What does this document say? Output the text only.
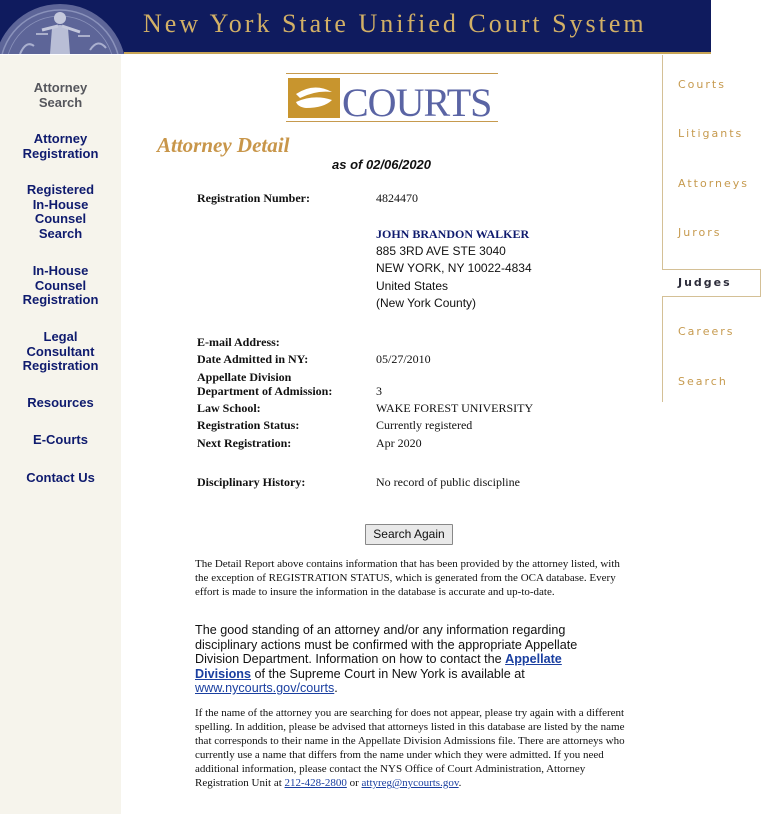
New York State Unified Court System
Attorney
Search
Attorney
Registration
Registered
In-House
Counsel
Search
In-House
Counsel
Registration
Legal
Consultant
Registration
Resources
E-Courts
Contact Us
Courts
Litigants
Attorneys
Jurors
Judges
Careers
Search
COURTS
Attorney Detail
as of 02/06/2020
Registration Number:	4824470
JOHN BRANDON WALKER
885 3RD AVE STE 3040
NEW YORK, NY 10022-4834
United States
(New York County)
E-mail Address:
Date Admitted in NY:	05/27/2010
Appellate Division
Department of Admission:	3
Law School:	WAKE FOREST UNIVERSITY
Registration Status:	Currently registered
Next Registration:	Apr 2020
Disciplinary History:	No record of public discipline
Search Again
The Detail Report above contains information that has been provided by the attorney listed, with the exception of REGISTRATION STATUS, which is generated from the OCA database. Every effort is made to insure the information in the database is accurate and up-to-date.
The good standing of an attorney and/or any information regarding disciplinary actions must be confirmed with the appropriate Appellate Division Department. Information on how to contact the Appellate Divisions of the Supreme Court in New York is available at www.nycourts.gov/courts.
If the name of the attorney you are searching for does not appear, please try again with a different spelling. In addition, please be advised that attorneys listed in this database are listed by the name that corresponds to their name in the Appellate Division Admissions file. There are attorneys who currently use a name that differs from the name under which they were admitted. If you need additional information, please contact the NYS Office of Court Administration, Attorney Registration Unit at 212-428-2800 or attyreg@nycourts.gov.
